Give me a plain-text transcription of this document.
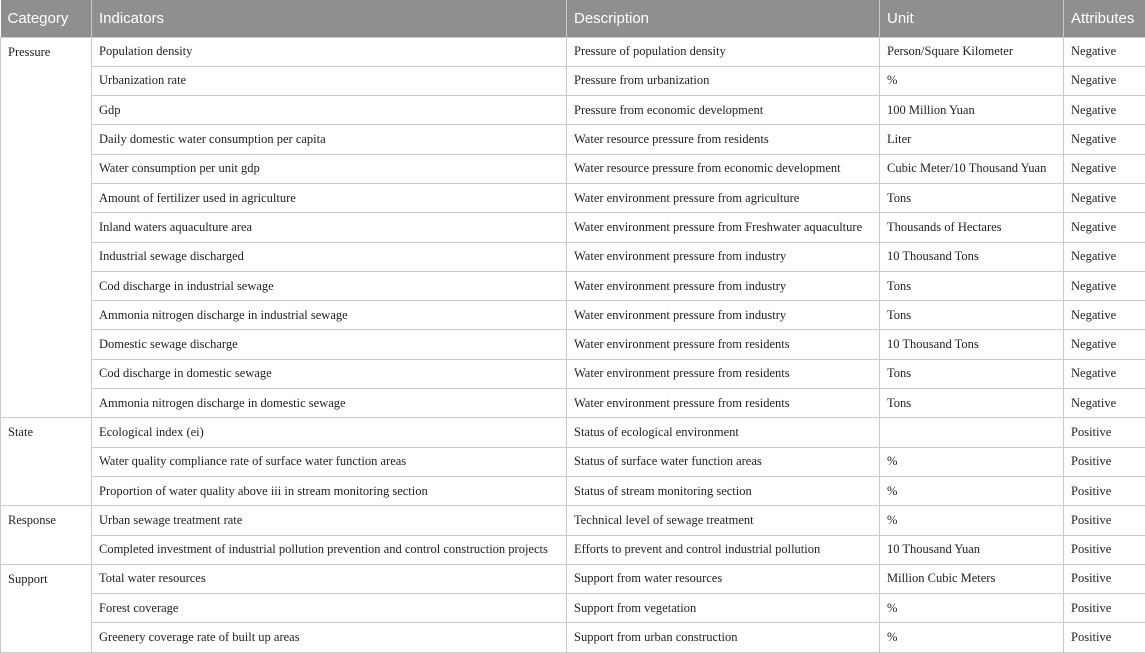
Category	Indicators	Description	Unit	Attributes
Pressure	Population density	Pressure of population density	Person/Square Kilometer	Negative
	Urbanization rate	Pressure from urbanization	%	Negative
	Gdp	Pressure from economic development	100 Million Yuan	Negative
	Daily domestic water consumption per capita	Water resource pressure from residents	Liter	Negative
	Water consumption per unit gdp	Water resource pressure from economic development	Cubic Meter/10 Thousand Yuan	Negative
	Amount of fertilizer used in agriculture	Water environment pressure from agriculture	Tons	Negative
	Inland waters aquaculture area	Water environment pressure from Freshwater aquaculture	Thousands of Hectares	Negative
	Industrial sewage discharged	Water environment pressure from industry	10 Thousand Tons	Negative
	Cod discharge in industrial sewage	Water environment pressure from industry	Tons	Negative
	Ammonia nitrogen discharge in industrial sewage	Water environment pressure from industry	Tons	Negative
	Domestic sewage discharge	Water environment pressure from residents	10 Thousand Tons	Negative
	Cod discharge in domestic sewage	Water environment pressure from residents	Tons	Negative
	Ammonia nitrogen discharge in domestic sewage	Water environment pressure from residents	Tons	Negative
State	Ecological index (ei)	Status of ecological environment		Positive
	Water quality compliance rate of surface water function areas	Status of surface water function areas	%	Positive
	Proportion of water quality above iii in stream monitoring section	Status of stream monitoring section	%	Positive
Response	Urban sewage treatment rate	Technical level of sewage treatment	%	Positive
	Completed investment of industrial pollution prevention and control construction projects	Efforts to prevent and control industrial pollution	10 Thousand Yuan	Positive
Support	Total water resources	Support from water resources	Million Cubic Meters	Positive
	Forest coverage	Support from vegetation	%	Positive
	Greenery coverage rate of built up areas	Support from urban construction	%	Positive
